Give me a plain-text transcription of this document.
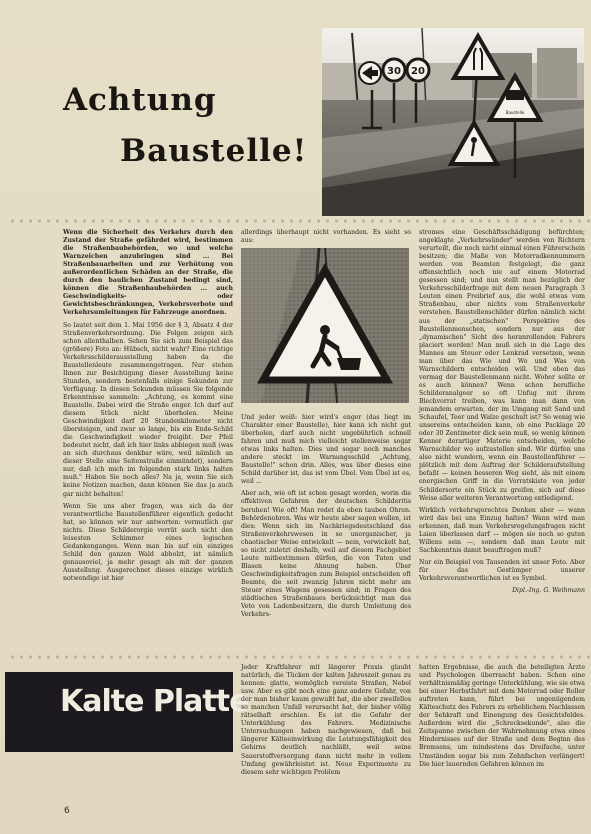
Achtung
Baustelle!
30 20
Baustelle

Wenn die Sicherheit des Verkehrs durch den Zustand der Straße gefährdet wird, bestimmen die Straßenbaubehörden, wo und welche Warnzeichen anzubringen sind ... Bei Straßenbauarbeiten und zur Verhütung von außerordentlichen Schäden an der Straße, die durch den baulichen Zustand bedingt sind, können die Straßenbaubehörden ... auch Geschwindigkeits- oder Gewichtsbeschränkungen, Verkehrsverbote und Verkehrsumleitungen für Fahrzeuge anordnen.

So lautet seit dem 1. Mai 1956 der § 3, Absatz 4 der Straßenverkehrsordnung. Die Folgen zeigen sich schon allenthalben. Sehen Sie sich zum Beispiel das (größere) Foto an: Hübsch, nicht wahr? Eine richtige Verkehrsschilderausstellung haben da die Baustellenleute zusammengetragen. Nur stehen Ihnen zur Besichtigung dieser Ausstellung keine Stunden, sondern bestenfalls einige Sekunden zur Verfügung. In diesen Sekunden müssen Sie folgende Erkenntnisse sammeln: „Achtung, es kommt eine Baustelle. Dabei wird die Straße enger. Ich darf auf diesem Stück nicht überholen. Meine Geschwindigkeit darf 20 Stundenkilometer nicht übersteigen, und zwar so lange, bis ein Ende-Schild die Geschwindigkeit wieder freigibt. Der Pfeil bedeutet nicht, daß ich hier links abbiegen muß (was an sich durchaus denkbar wäre, weil nämlich an dieser Stelle eine Seitenstraße einmündet), sondern nur, daß ich mich im folgenden stark links halten muß." Haben Sie noch alles? Na ja, wenn Sie sich keine Notizen machen, dann können Sie das ja auch gar nicht behalten!

Wenn Sie uns aber fragen, was sich da der verantwortliche Baustellenführer eigentlich gedacht hat, so können wir nur antworten: vermutlich gar nichts. Diese Schilderorgie verrät auch nicht den leisesten Schimmer eines logischen Gedankenganges. Wenn man bis auf ein einziges Schild den ganzen Wald abholzt, ist nämlich genausoviel, ja mehr gesagt als mit der ganzen Ausstellung. Ausgerechnet dieses einzige wirklich notwendige ist hier

allerdings überhaupt nicht vorhanden. Es sieht so aus:

Und jeder weiß: hier wird's enger (das liegt im Charakter einer Baustelle), hier kann ich nicht gut überholen, darf auch nicht ungebührlich schnell fahren und muß mich vielleicht stellenweise sogar etwas links halten. Dies und sogar noch manches andere steckt im Warnungsschild „Achtung, Baustelle!" schon drin. Alles, was über dieses eine Schild darüber ist, das ist vom Übel. Vom Übel ist es, weil ...

Aber ach, wie oft ist schon gesagt worden, worin die effektiven Gefahren der deutschen Schilderitis beruhen! Wie oft! Man redet da eben tauben Ohren. Behördenohren. Was wir heute aber sagen wollen, ist dies: Wenn sich im Nachkriegsdeutschland das Straßenverkehrswesen in so unorganischer, ja chaotischer Weise entwickelt — nein, verwickelt hat, so nicht zuletzt deshalb, weil auf diesem Fachgebiet Leute mitbestimmen dürfen, die von Tuten und Blasen keine Ahnung haben. Über Geschwindigkeitsfragen zum Beispiel entscheiden oft Beamte, die seit zwanzig Jahren nicht mehr am Steuer eines Wagens gesessen sind; in Fragen des städtischen Straßenbaues berücksichtigt man das Veto von Ladenbesitzern, die durch Umleitung des Verkehrs-

stromes eine Geschäftsschädigung befürchten; angeklagte „Verkehrssünder" werden von Richtern verurteilt, die noch nicht einmal einen Führerschein besitzen; die Maße von Motorradkennummern werden von Beamten festgelegt, die ganz offensichtlich noch nie auf einem Motorrad gesessen sind; und nun stellt man bezüglich der Verkehrsschilderfrage mit dem neuen Paragraph 3 Leuten einen Freibrief aus, die wohl etwas vom Straßenbau, aber nichts vom Straßenverkehr verstehen. Baustellenschilder dürfen nämlich nicht aus der „statischen" Perspektive des Baustellenmenschen, sondern nur aus der „dynamischen" Sicht des heranrollenden Fahrers placiert werden! Man muß sich in die Lage des Mannes am Steuer oder Lenkrad versetzen, wenn man über das Wie und Wo und Was von Warnschildern entscheiden will. Und eben das vermag der Baustellenmann nicht. Woher sollte er es auch können? Wenn schon berufliche Schilderanalgeer so oft Unfug mit ihrem Blechvorrat treiben, was kann man dann von jemandem erwarten, der im Umgang mit Sand und Schaufel, Teer und Walze geschult ist? So wenig wie unsereins entscheiden kann, ob eine Packlage 20 oder 30 Zentimeter dick sein muß, so wenig können Kenner derartiger Materie entscheiden, welche Warnschilder wo aufzustellen sind. Wir dürfen uns also nicht wundern, wenn ein Baustellenführer — plötzlich mit dem Auftrag der Schilderaufstellung befaßt — keinen besseren Weg sieht, als mit einem energischen Griff in die Vorratskiste von jeder Schildersorte ein Stück zu greifen, sich auf diese Weise aller weiteren Verantwortung entledigend.

Wirklich verkehrsgerechtes Denken aber — wann wird das bei uns Einzug halten? Wann wird man erkennen, daß man Verkehrsregelungsfragen nicht Laien überlassen darf — mögen sie noch so guten Willens sein —, sondern daß man Leute mit Sachkenntnis damit beauftragen muß?

Nur ein Beispiel von Tausenden ist unser Foto. Aber für das Gestümper unserer Verkehrsverantwortlichen ist es Symbol.

Dipl.-Ing. G. Weihmann

Kalte Platte

Jeder Kraftfahrer mit längerer Praxis glaubt natürlich, die Tücken der kalten Jahreszeit genau zu kennen: glatte, womöglich vereiste Straßen, Nebel usw. Aber es gibt noch eine ganz andere Gefahr, von der man bisher kaum gewußt hat, die aber zweifellos so manchen Unfall verursacht hat, der bisher völlig rätselhaft erschien. Es ist die Gefahr der Unterkühlung des Fahrers. Medizinische Untersuchungen haben nachgewiesen, daß bei längerer Kälteeinwirkung die Leistungsfähigkeit des Gehirns deutlich nachläßt, weil seine Sauerstoffversorgung dann nicht mehr in vollem Umfang gewährleistet ist. Neue Experimente zu diesem sehr wichtigen Problem

hatten Ergebnisse, die auch die beteiligten Ärzte und Psychologen überrascht haben. Schon eine verhältnismäßig geringe Unterkühlung, wie sie etwa bei einer Herbstfahrt mit dem Motorrad oder Roller auftreten kann, führt bei ungenügendem Kälteschutz des Fahrers zu erheblichem Nachlassen der Sehkraft und Einengung des Gesichtsfeldes. Außerdem wird die „Schrecksekunde", also die Zeitspanne zwischen der Wahrnehmung etwa eines Hindernisses auf der Straße und dem Beginn des Bremsens, um mindestens das Dreifache, unter Umständen sogar bis zum Zehnfachen verlängert! Die hier lauernden Gefahren können im

6
